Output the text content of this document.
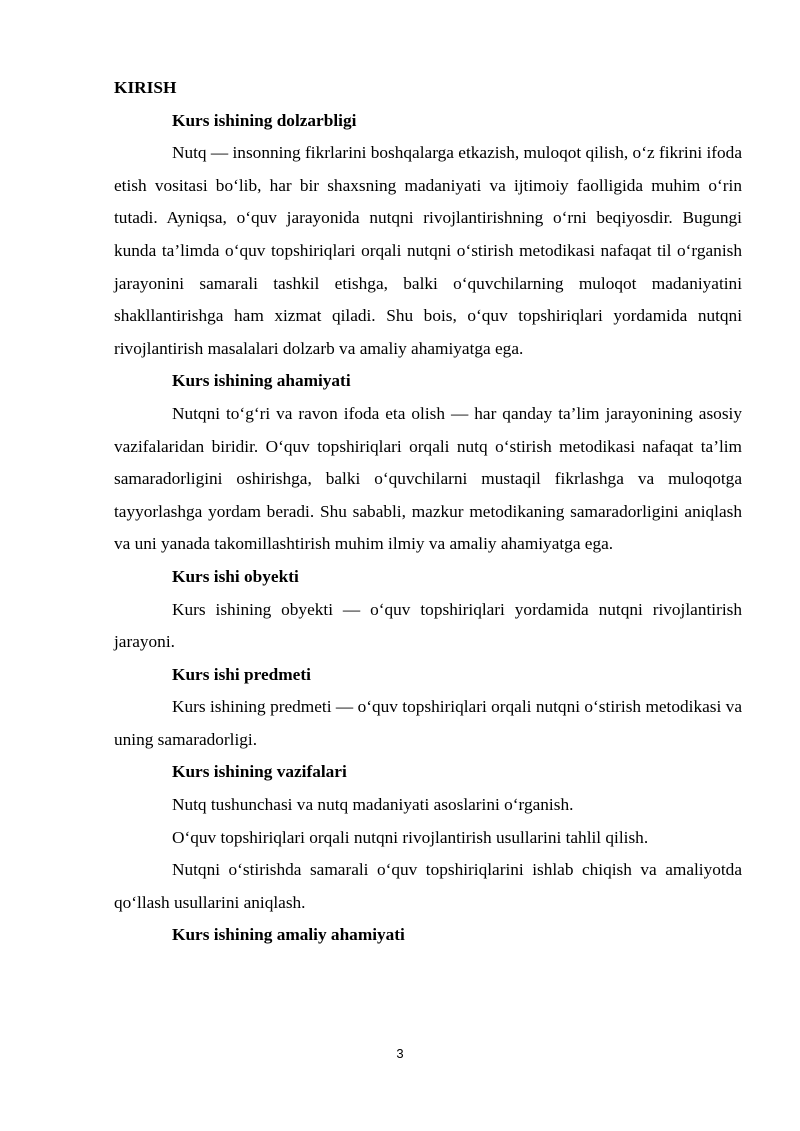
KIRISH

Kurs ishining dolzarbligi

Nutq — insonning fikrlarini boshqalarga etkazish, muloqot qilish, o‘z fikrini ifoda etish vositasi bo‘lib, har bir shaxsning madaniyati va ijtimoiy faolligida muhim o‘rin tutadi. Ayniqsa, o‘quv jarayonida nutqni rivojlantirishning o‘rni beqiyosdir. Bugungi kunda ta’limda o‘quv topshiriqlari orqali nutqni o‘stirish metodikasi nafaqat til o‘rganish jarayonini samarali tashkil etishga, balki o‘quvchilarning muloqot madaniyatini shakllantirishga ham xizmat qiladi. Shu bois, o‘quv topshiriqlari yordamida nutqni rivojlantirish masalalari dolzarb va amaliy ahamiyatga ega.

Kurs ishining ahamiyati

Nutqni to‘g‘ri va ravon ifoda eta olish — har qanday ta’lim jarayonining asosiy vazifalaridan biridir. O‘quv topshiriqlari orqali nutq o‘stirish metodikasi nafaqat ta’lim samaradorligini oshirishga, balki o‘quvchilarni mustaqil fikrlashga va muloqotga tayyorlashga yordam beradi. Shu sababli, mazkur metodikaning samaradorligini aniqlash va uni yanada takomillashtirish muhim ilmiy va amaliy ahamiyatga ega.

Kurs ishi obyekti

Kurs ishining obyekti — o‘quv topshiriqlari yordamida nutqni rivojlantirish jarayoni.

Kurs ishi predmeti

Kurs ishining predmeti — o‘quv topshiriqlari orqali nutqni o‘stirish metodikasi va uning samaradorligi.

Kurs ishining vazifalari

Nutq tushunchasi va nutq madaniyati asoslarini o‘rganish.

O‘quv topshiriqlari orqali nutqni rivojlantirish usullarini tahlil qilish.

Nutqni o‘stirishda samarali o‘quv topshiriqlarini ishlab chiqish va amaliyotda qo‘llash usullarini aniqlash.

Kurs ishining amaliy ahamiyati

3
